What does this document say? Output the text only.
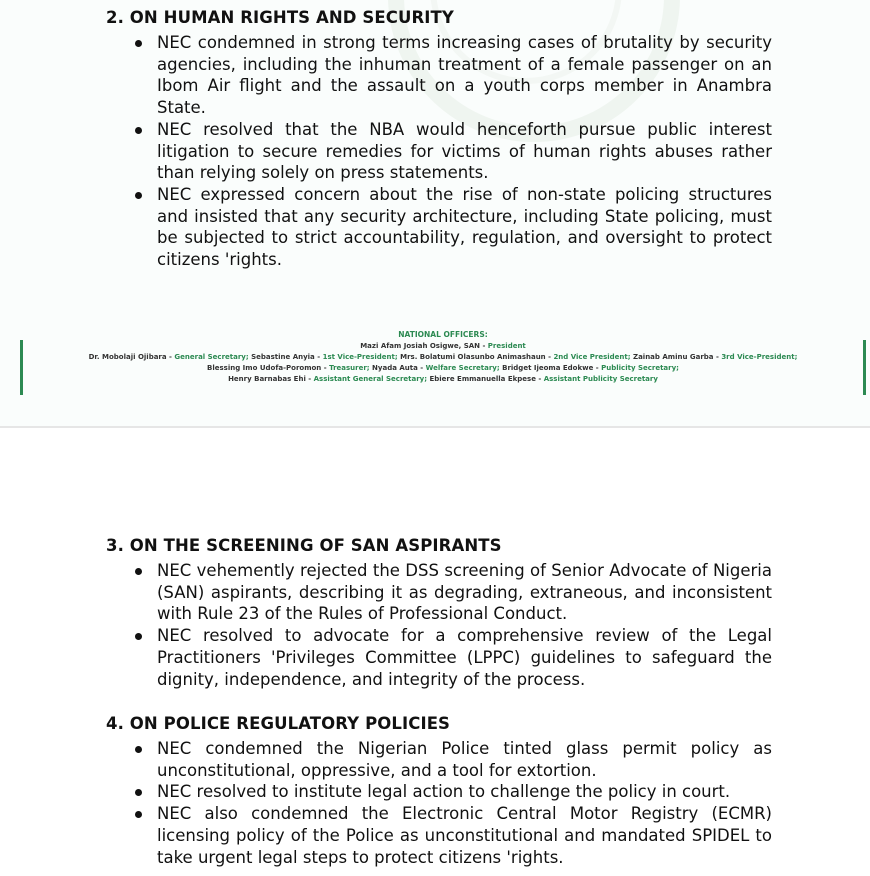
2. ON HUMAN RIGHTS AND SECURITY
NEC condemned in strong terms increasing cases of brutality by security agencies, including the inhuman treatment of a female passenger on an Ibom Air flight and the assault on a youth corps member in Anambra State.
NEC resolved that the NBA would henceforth pursue public interest litigation to secure remedies for victims of human rights abuses rather than relying solely on press statements.
NEC expressed concern about the rise of non-state policing structures and insisted that any security architecture, including State policing, must be subjected to strict accountability, regulation, and oversight to protect citizens 'rights.
NATIONAL OFFICERS:
Mazi Afam Josiah Osigwe, SAN - President
Dr. Mobolaji Ojibara - General Secretary; Sebastine Anyia - 1st Vice-President; Mrs. Bolatumi Olasunbo Animashaun - 2nd Vice President; Zainab Aminu Garba - 3rd Vice-President;
Blessing Imo Udofa-Poromon - Treasurer; Nyada Auta - Welfare Secretary; Bridget Ijeoma Edokwe - Publicity Secretary;
Henry Barnabas Ehi - Assistant General Secretary; Ebiere Emmanuella Ekpese - Assistant Publicity Secretary
3. ON THE SCREENING OF SAN ASPIRANTS
NEC vehemently rejected the DSS screening of Senior Advocate of Nigeria (SAN) aspirants, describing it as degrading, extraneous, and inconsistent with Rule 23 of the Rules of Professional Conduct.
NEC resolved to advocate for a comprehensive review of the Legal Practitioners 'Privileges Committee (LPPC) guidelines to safeguard the dignity, independence, and integrity of the process.
4. ON POLICE REGULATORY POLICIES
NEC condemned the Nigerian Police tinted glass permit policy as unconstitutional, oppressive, and a tool for extortion.
NEC resolved to institute legal action to challenge the policy in court.
NEC also condemned the Electronic Central Motor Registry (ECMR) licensing policy of the Police as unconstitutional and mandated SPIDEL to take urgent legal steps to protect citizens 'rights.
